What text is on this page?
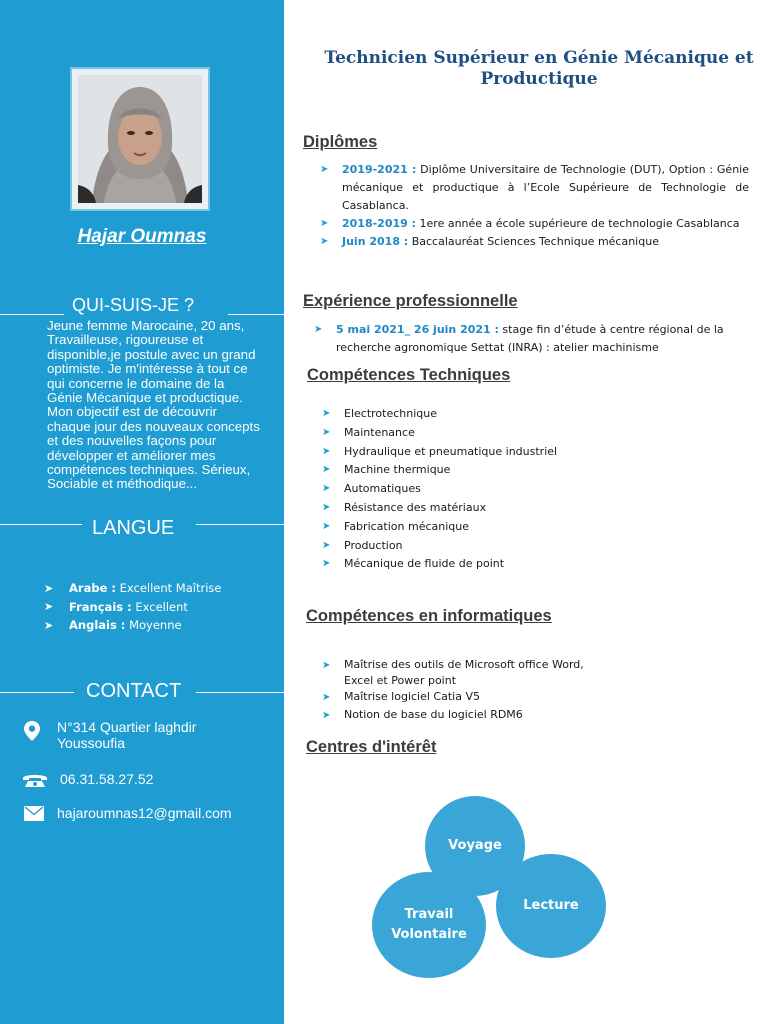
Hajar Oumnas
QUI-SUIS-JE ?
Jeune femme Marocaine, 20 ans, Travailleuse, rigoureuse et disponible,je postule avec un grand optimiste. Je m'intéresse à tout ce qui concerne le domaine de la Génie Mécanique et productique. Mon objectif est de découvrir chaque jour des nouveaux concepts et des nouvelles façons pour développer et améliorer mes compétences techniques. Sérieux, Sociable et méthodique...
LANGUE
➤	Arabe : Excellent Maîtrise
➤	Français : Excellent
➤	Anglais : Moyenne
CONTACT
N°314 Quartier laghdir
Youssoufia
06.31.58.27.52
hajaroumnas12@gmail.com
Technicien Supérieur en Génie Mécanique et
Productique
Diplômes
➤	2019-2021 : Diplôme Universitaire de Technologie (DUT), Option : Génie mécanique et productique à l’Ecole Supérieure de Technologie de Casablanca.
➤	2018-2019 : 1ere année a école supérieure de technologie Casablanca
➤	Juin 2018 : Baccalauréat Sciences Technique mécanique
Expérience professionnelle
➤	5 mai 2021_ 26 juin 2021 : stage fin d’étude à centre régional de la recherche agronomique Settat (INRA) : atelier machinisme
Compétences Techniques
➤	Electrotechnique
➤	Maintenance
➤	Hydraulique et pneumatique industriel
➤	Machine thermique
➤	Automatiques
➤	Résistance des matériaux
➤	Fabrication mécanique
➤	Production
➤	Mécanique de fluide de point
Compétences en informatiques
➤	Maîtrise des outils de Microsoft office Word,
Excel et Power point
➤	Maîtrise logiciel Catia V5
➤	Notion de base du logiciel RDM6
Centres d'intérêt
Voyage
Lecture
Travail
Volontaire
